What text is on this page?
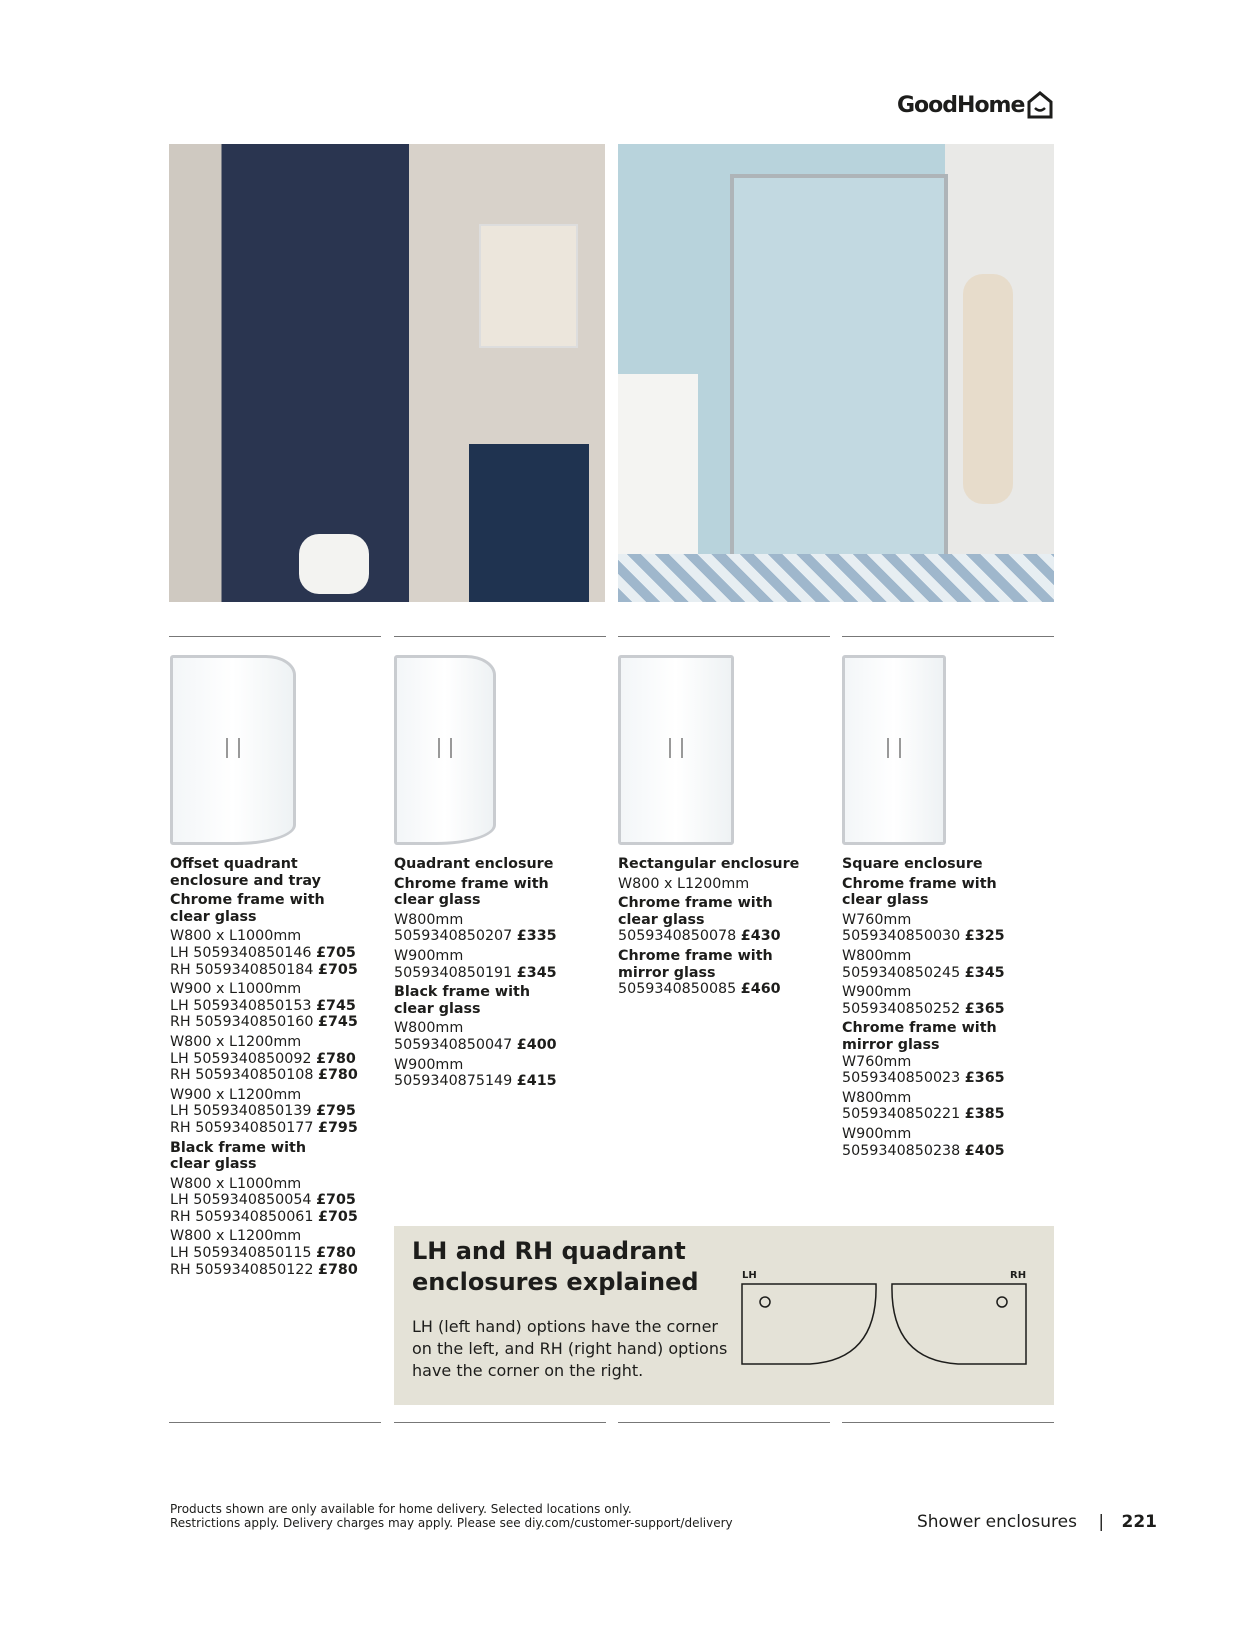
GoodHome
Offset quadrant
enclosure and tray
Chrome frame with
clear glass
W800 x L1000mm
LH 5059340850146 £705
RH 5059340850184 £705
W900 x L1000mm
LH 5059340850153 £745
RH 5059340850160 £745
W800 x L1200mm
LH 5059340850092 £780
RH 5059340850108 £780
W900 x L1200mm
LH 5059340850139 £795
RH 5059340850177 £795
Black frame with
clear glass
W800 x L1000mm
LH 5059340850054 £705
RH 5059340850061 £705
W800 x L1200mm
LH 5059340850115 £780
RH 5059340850122 £780
Quadrant enclosure
Chrome frame with
clear glass
W800mm
5059340850207 £335
W900mm
5059340850191 £345
Black frame with
clear glass
W800mm
5059340850047 £400
W900mm
5059340875149 £415
Rectangular enclosure
W800 x L1200mm
Chrome frame with
clear glass
5059340850078 £430
Chrome frame with
mirror glass
5059340850085 £460
Square enclosure
Chrome frame with
clear glass
W760mm
5059340850030 £325
W800mm
5059340850245 £345
W900mm
5059340850252 £365
Chrome frame with
mirror glass
W760mm
5059340850023 £365
W800mm
5059340850221 £385
W900mm
5059340850238 £405
LH and RH quadrant enclosures explained

LH (left hand) options have the corner on the left, and RH (right hand) options have the corner on the right.

LH	RH
Products shown are only available for home delivery. Selected locations only.
Restrictions apply. Delivery charges may apply. Please see diy.com/customer-support/delivery	Shower enclosures | 221
